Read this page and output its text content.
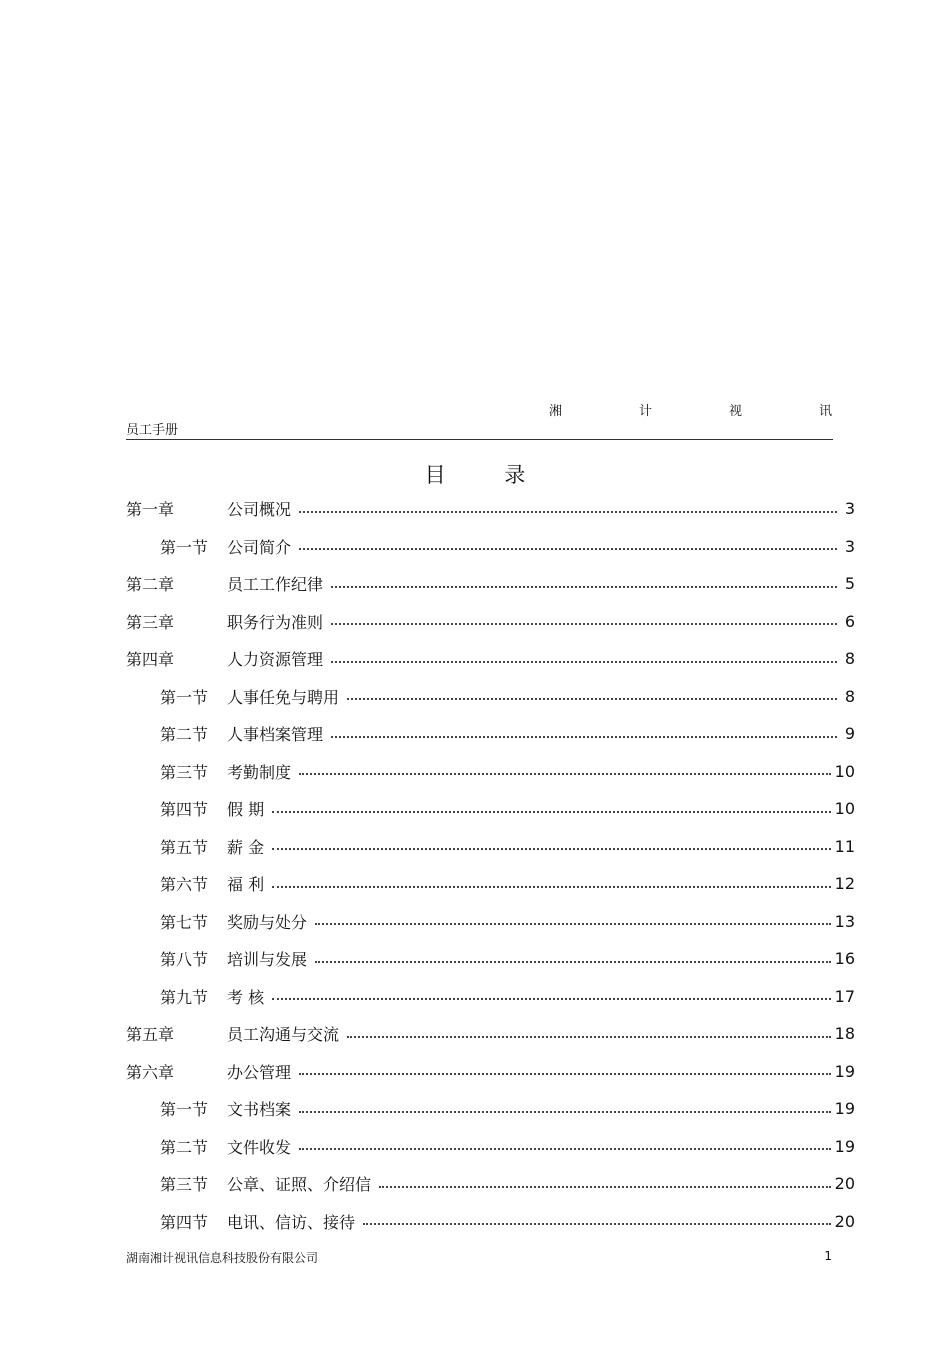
湘	计	视	讯
员工手册
目 录
第一章	公司概况	3
第一节	公司简介	3
第二章	员工工作纪律	5
第三章	职务行为准则	6
第四章	人力资源管理	8
第一节	人事任免与聘用	8
第二节	人事档案管理	9
第三节	考勤制度	10
第四节	假 期	10
第五节	薪 金	11
第六节	福 利	12
第七节	奖励与处分	13
第八节	培训与发展	16
第九节	考 核	17
第五章	员工沟通与交流	18
第六章	办公管理	19
第一节	文书档案	19
第二节	文件收发	19
第三节	公章、证照、介绍信	20
第四节	电讯、信访、接待	20
湖南湘计视讯信息科技股份有限公司	1
